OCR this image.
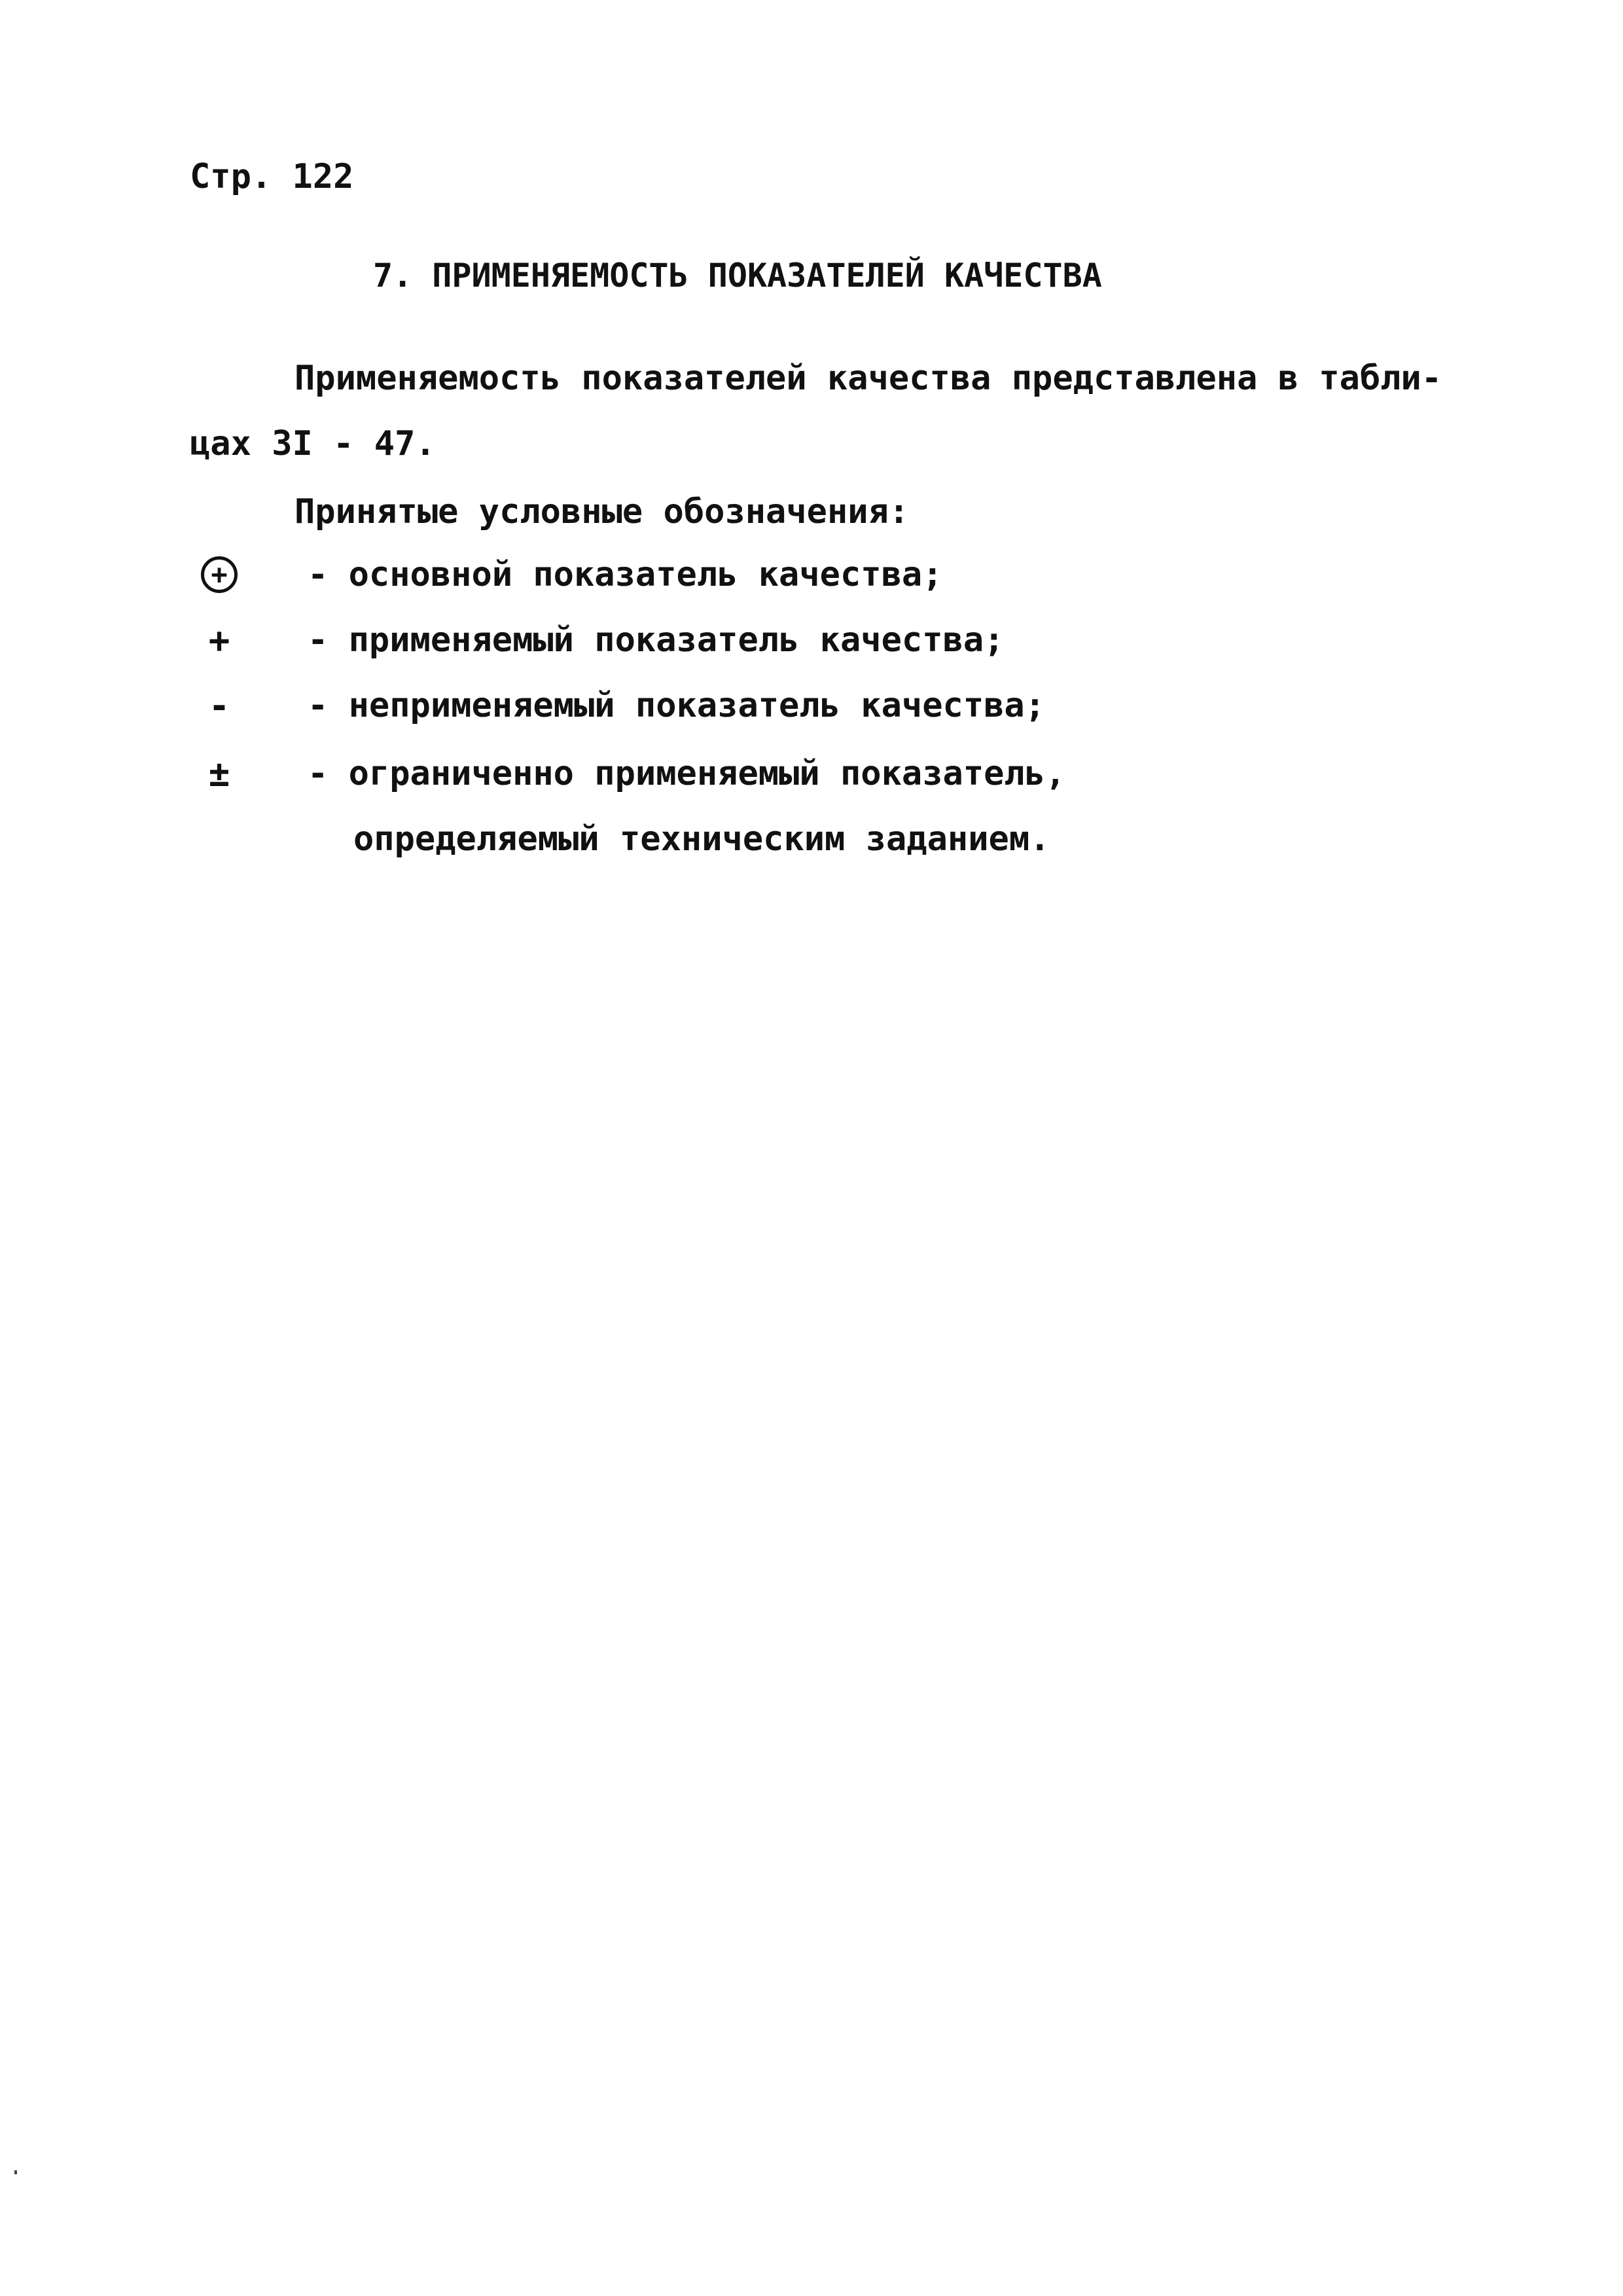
Стр. 122
7. ПРИМЕНЯЕМОСТЬ ПОКАЗАТЕЛЕЙ КАЧЕСТВА
Применяемость показателей качества представлена в табли-
цах 3I - 47.
Принятые условные обозначения:
+ - основной показатель качества;
+	- применяемый показатель качества;
-	- неприменяемый показатель качества;
±	- ограниченно применяемый показатель,
определяемый техническим заданием.
